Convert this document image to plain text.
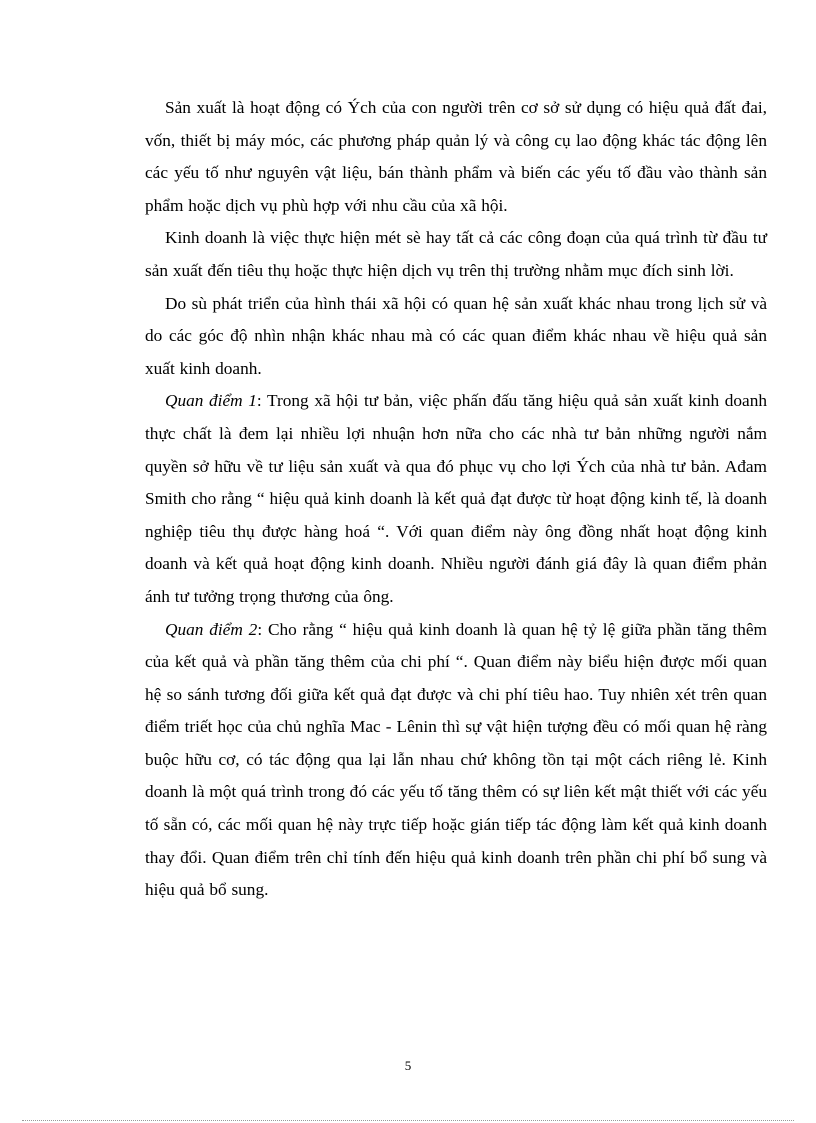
Sản xuất là hoạt động có Ých của con người trên cơ sở sử dụng có hiệu quả đất đai, vốn, thiết bị máy móc, các phương pháp quản lý và công cụ lao động khác tác động lên các yếu tố như nguyên vật liệu, bán thành phẩm và biến các yếu tố đầu vào thành sản phẩm hoặc dịch vụ phù hợp với nhu cầu của xã hội.

Kinh doanh là việc thực hiện mét sè hay tất cả các công đoạn của quá trình từ đầu tư sản xuất đến tiêu thụ hoặc thực hiện dịch vụ trên thị trường nhằm mục đích sinh lời.

Do sù phát triển của hình thái xã hội có quan hệ sản xuất khác nhau trong lịch sử và do các góc độ nhìn nhận khác nhau mà có các quan điểm khác nhau về hiệu quả sản xuất kinh doanh.

Quan điểm 1: Trong xã hội tư bản, việc phấn đấu tăng hiệu quả sản xuất kinh doanh thực chất là đem lại nhiều lợi nhuận hơn nữa cho các nhà tư bản những người nắm quyền sở hữu về tư liệu sản xuất và qua đó phục vụ cho lợi Ých của nhà tư bản. Ađam Smith cho rằng “ hiệu quả kinh doanh là kết quả đạt được từ hoạt động kinh tế, là doanh nghiệp tiêu thụ được hàng hoá “. Với quan điểm này ông đồng nhất hoạt động kinh doanh và kết quả hoạt động kinh doanh. Nhiều người đánh giá đây là quan điểm phản ánh tư tưởng trọng thương của ông.

Quan điểm 2: Cho rằng “ hiệu quả kinh doanh là quan hệ tỷ lệ giữa phần tăng thêm của kết quả và phần tăng thêm của chi phí “. Quan điểm này biểu hiện được mối quan hệ so sánh tương đối giữa kết quả đạt được và chi phí tiêu hao. Tuy nhiên xét trên quan điểm triết học của chủ nghĩa Mac - Lênin thì sự vật hiện tượng đều có mối quan hệ ràng buộc hữu cơ, có tác động qua lại lẫn nhau chứ không tồn tại một cách riêng lẻ. Kinh doanh là một quá trình trong đó các yếu tố tăng thêm có sự liên kết mật thiết với các yếu tố sẵn có, các mối quan hệ này trực tiếp hoặc gián tiếp tác động làm kết quả kinh doanh thay đổi. Quan điểm trên chỉ tính đến hiệu quả kinh doanh trên phần chi phí bổ sung và hiệu quả bổ sung.

5
